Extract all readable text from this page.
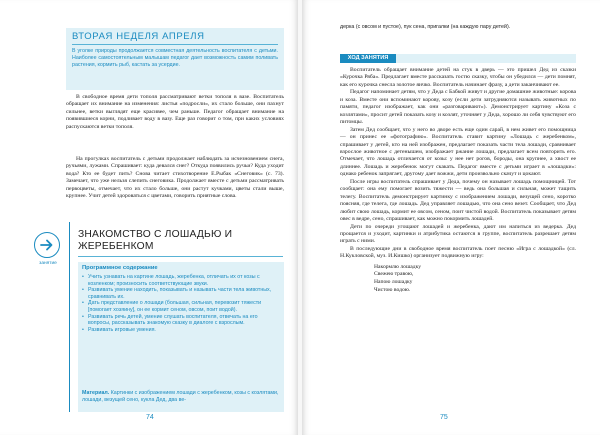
ВТОРАЯ НЕДЕЛЯ АПРЕЛЯ
В уголке природы продолжается совместная деятельность воспитателя с детьми. Наиболее самостоятельным малышам педагог дает возможность самим поливать растения, кормить рыб, кастать за усердие.

В свободное время дети тополя рассматривают ветки тополя в вазе. Воспитатель обращает их внимание на изменения: листья «подросли», их стало больше, они пахнут сильнее, ветки выглядят еще красивее, чем раньше. Педагог обращает внимание на появившиеся корни, подливает воду в вазу. Еще раз говорит о том, при каких условиях распускаются ветки тополя.

На прогулках воспитатель с детьми продолжает наблюдать за исчезновением снега, ручьями, лужами. Спрашивает: куда девался снег? Откуда появились ручьи? Куда уходит вода? Кто ее будет пить? Снова читает стихотворение Е.Рыбак «Снеговик» (с. 73). Замечает, что уже нельзя слепить снеговика. Продолжает вместе с детьми рассматривать первоцветы, отмечает, что их стало больше, они растут кучками, цветы стали выше, крупнее. Учит детей здороваться с цветами, говорить приятные слова.

занятие
ЗНАКОМСТВО С ЛОШАДЬЮ И ЖЕРЕБЕНКОМ
Программное содержание
• Учить узнавать на картине лошадь, жеребенка, отличать их от козы с козленком; произносить соответствующие звуки.
• Развивать умение находить, показывать и называть части тела животных, сравнивать их.
• Дать представление о лошади (большая, сильная, перевозит тяжести [помогает хозяину], он ее кормит сеном, овсом, поит водой).
• Развивать речь детей, умение слушать воспитателя, отвечать на его вопросы, рассказывать знакомую сказку в диалоге с взрослым.
• Развивать игровые умения.
Материал. Картинки с изображением лошади с жеребенком, козы с козлятами, лошади, везущей сено, кукла Дед, два ве-
74
дерка (с овсом и пустое), пук сена, пригалки (на каждую пару детей).
ХОД ЗАНЯТИЯ

Воспитатель обращает внимание детей на стук в дверь — это пришел Дед из сказки «Курочка Ряба». Предлагает вместе рассказать гостю сказку, чтобы он убедился — дети помнят, как его курочка снесла золотое яичко. Воспитатель начинает фразу, а дети заканчивают ее.

Педагог напоминает детям, что у Деда с Бабкой живут и другие домашние животные: корова и коза. Вместе они вспоминают корову, козу (если дети затрудняются называть животных по памяти, педагог изображает, как они «разговаривают»). Демонстрирует картину «Коза с козлятами», просит детей показать козу и козлят, уточняет у Деда, хорошо ли себя чувствуют его питомцы.

Затем Дед сообщает, что у него во дворе есть еще один сарай, в нем живет его помощница — он принес ее «фотографию». Воспитатель ставит картину «Лошадь с жеребенком», спрашивает у детей, кто на ней изображен, предлагает показать части тела лошади, сравнивает взрослое животное с детенышем, изображает ржание лошади, предлагает всем повторить его. Отмечает, что лошадь отличается от козы: у нее нет рогов, бороды, она крупнее, а хвост ее длиннее. Лошадь и жеребенок могут скакать. Педагог вместе с детьми играет в «лошадки»: однако ребенок запрягает, другому дает вожжи, дети произвольно скачут и цокают.

После игры воспитатель спрашивает у Деда, почему он называет лошадь помощницей. Тот сообщает: она ему помогает возить тяжести — ведь она большая и сильная, может тащить телегу. Воспитатель демонстрирует картинку с изображением лошади, везущей сено, коротко поясняя, где телега, где лошадь. Дед управляет лошадью, что она сено везет. Сообщает, что Дед любит свою лошадь, кормит ее овсом, сеном, поит чистой водой. Воспитатель показывает детям овес в ведре, сено, спрашивает, как можно покормить лошадей.

Дети по очереди угощают лошадей и жеребенка, дают им напиться из ведерка. Дед прощается и уходит, картинки и атрибутика остаются в группе, воспитатель разрешает детям играть с ними.

В последующие дни в свободное время воспитатель поет песню «Игра с лошадкой» (сл. Н.Кукловской, муз. И.Кишко) организует подвижную игру:

Накормлю лошадку
Свежею травою,
Напою лошадку
Чистою водою.
75
